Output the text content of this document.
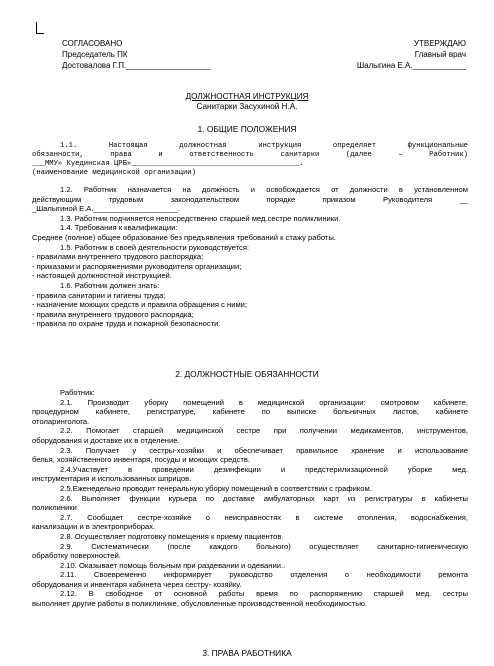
СОГЛАСОВАНО
Председатель ПК
Достовалова Г.П.___________________
УТВЕРЖДАЮ
Главный врач
Шалыгина Е.А.____________
ДОЛЖНОСТНАЯ ИНСТРУКЦИЯ
Санитарки Засухиной Н.А.
1. ОБЩИЕ ПОЛОЖЕНИЯ

1.1. Настоящая должностная инструкция определяет функциональные

обязанности, права и ответственность санитарки (далее – Работник)

___ММУ» Куединская ЦРБ»_______________________________________.

(наименование медицинской организации)

1.2. Работник назначается на должность и освобождается от должности в установленном

действующим трудовым законодательством порядке приказом Руководителя __

_Шалыгиной Е.А.____________________.

1.3. Работник подчиняется непосредственно старшей мед.сестре поликлиники.

1.4. Требования к квалификации:

Среднее (полное) общее образование без предъявления требований к стажу работы.

1.5. Работник в своей деятельности руководствуется:

- правилами внутреннего трудового распорядка;

- приказами и распоряжениями руководителя организации;

- настоящей должностной инструкцией.

1.6. Работник должен знать:

- правила санитарии и гигиены труда;

- назначение моющих средств и правила обращения с ними;

- правила внутреннего трудового распорядка;

- правила по охране труда и пожарной безопасности.

2. ДОЛЖНОСТНЫЕ ОБЯЗАННОСТИ

Работник:

2.1. Производит уборку помещений в медицинской организации: смотровом кабинете,

процедурном кабинете, регистратуре, кабинете по выписке больничных листов, кабинете

отоларинголога.

2.2. Помогает старшей медицинской сестре при получении медикаментов, инструментов,

оборудования и доставке их в отделение.

2.3. Получает у сестры-хозяйки и обеспечивает правильное хранение и использование

белья, хозяйственного инвентаря, посуды и моющих средств.

2.4.Участвует в проведении дезинфекции и предстерилизационной уборке мед.

инструментария и использованных шприцов.

2.5.Еженедельно проводит генеральную уборку помещений в соответствии с графиком.

2.6. Выполняет функции курьера по доставке амбулаторных карт из регистратуры в кабинеты

поликлиники

2.7. Сообщает сестре-хозяйке о неисправностях в системе отопления, водоснабжения,

канализации и в электроприборах.

2.8. Осуществляет подготовку помещения к приему пациентов.

2.9. Систематически (после каждого больного) осуществляет санитарно-гигиеническую

обработку поверхностей.

2.10. Оказывает помощь больным при раздевании и одевании..

2.11. Своевременно информирует руководство отделения о необходимости ремонта

оборудования и инвентаря кабинета через сестру- хозяйку.

2.12. В свободное от основной работы время по распоряжению старшей мед. сестры

выполняет другие работы в поликлинике, обусловленные производственной необходимостью.

3. ПРАВА РАБОТНИКА
